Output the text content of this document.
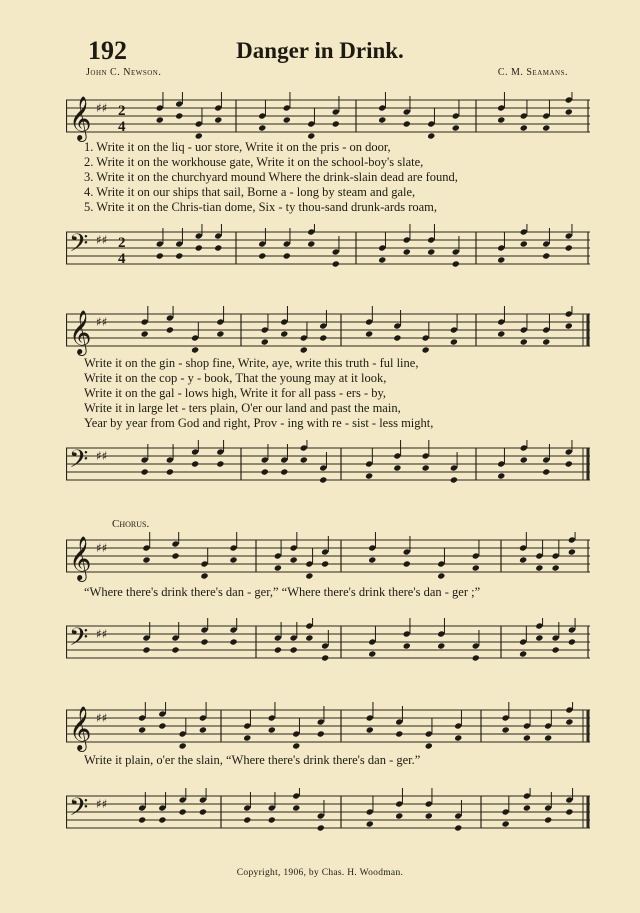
192	Danger in Drink.
John C. Newson.	C. M. Seamans.
𝄞 ♯♯ 2
4
1. Write it on the liq - uor store, Write it on the pris - on door,
2. Write it on the workhouse gate, Write it on the school-boy's slate,
3. Write it on the churchyard mound Where the drink-slain dead are found,
4. Write it on our ships that sail, Borne a - long by steam and gale,
5. Write it on the Chris-tian dome, Six - ty thou-sand drunk-ards roam,
𝄢 ♯♯ 2
4
𝄞 ♯♯
Write it on the gin - shop fine, Write, aye, write this truth - ful line,
Write it on the cop - y - book, That the young may at it look,
Write it on the gal - lows high, Write it for all pass - ers - by,
Write it in large let - ters plain, O'er our land and past the main,
Year by year from God and right, Prov - ing with re - sist - less might,
𝄢 ♯♯
Chorus.
𝄞 ♯♯
“Where there's drink there's dan - ger,” “Where there's drink there's dan - ger ;”
𝄢 ♯♯
𝄞 ♯♯
Write it plain, o'er the slain, “Where there's drink there's dan - ger.”
𝄢 ♯♯
Copyright, 1906, by Chas. H. Woodman.
